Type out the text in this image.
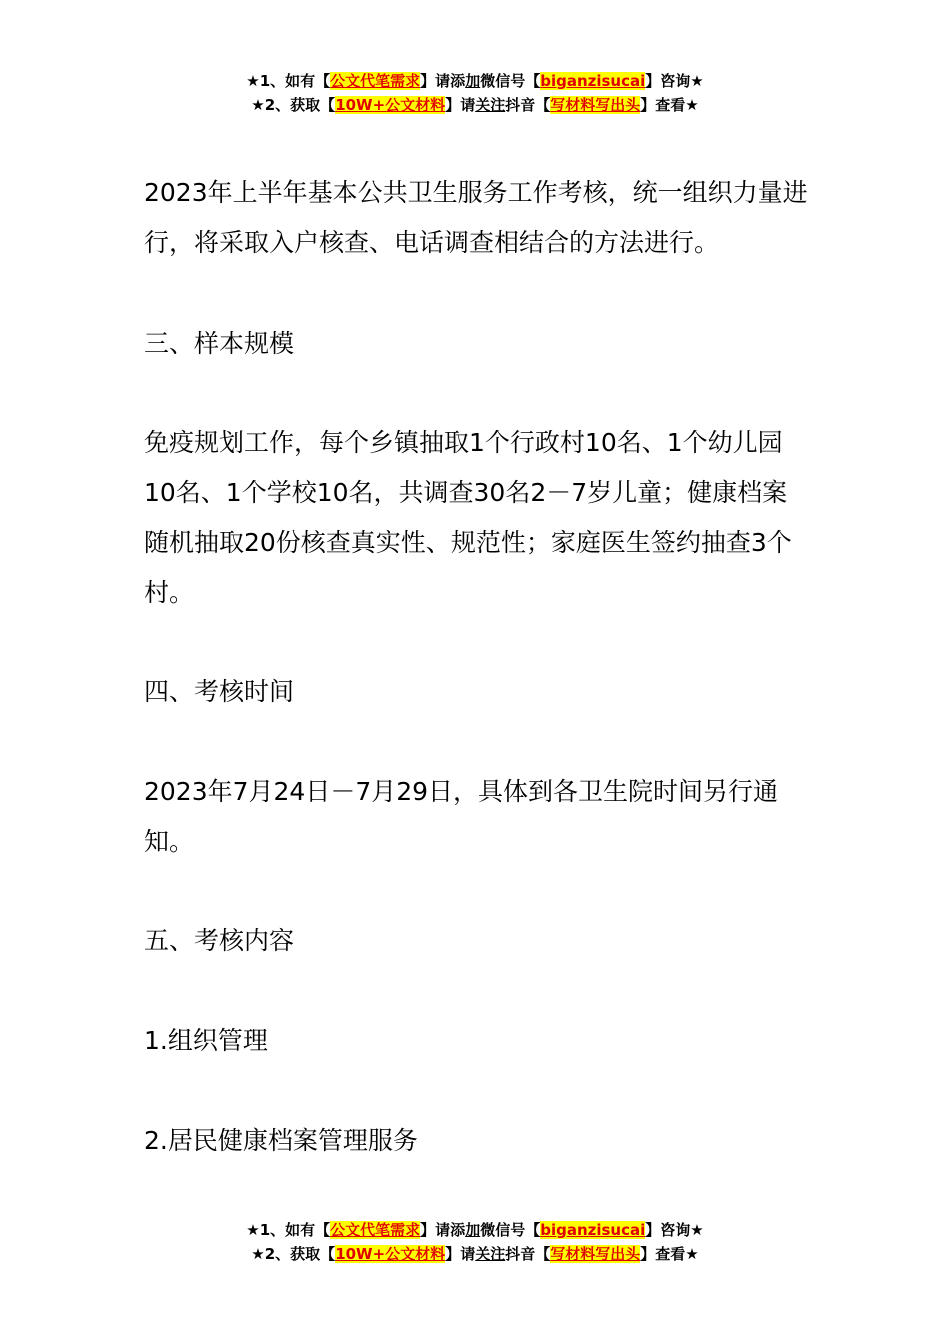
★1、如有【公文代笔需求】请添加微信号【biganzisucai】咨询★
★2、获取【10W+公文材料】请关注抖音【写材料写出头】查看★

2023年上半年基本公共卫生服务工作考核，统一组织力量进行，将采取入户核查、电话调查相结合的方法进行。

三、样本规模

免疫规划工作，每个乡镇抽取1个行政村10名、1个幼儿园10名、1个学校10名，共调查30名2－7岁儿童；健康档案随机抽取20份核查真实性、规范性；家庭医生签约抽查3个村。

四、考核时间

2023年7月24日－7月29日，具体到各卫生院时间另行通知。

五、考核内容

1.组织管理

2.居民健康档案管理服务

★1、如有【公文代笔需求】请添加微信号【biganzisucai】咨询★
★2、获取【10W+公文材料】请关注抖音【写材料写出头】查看★
